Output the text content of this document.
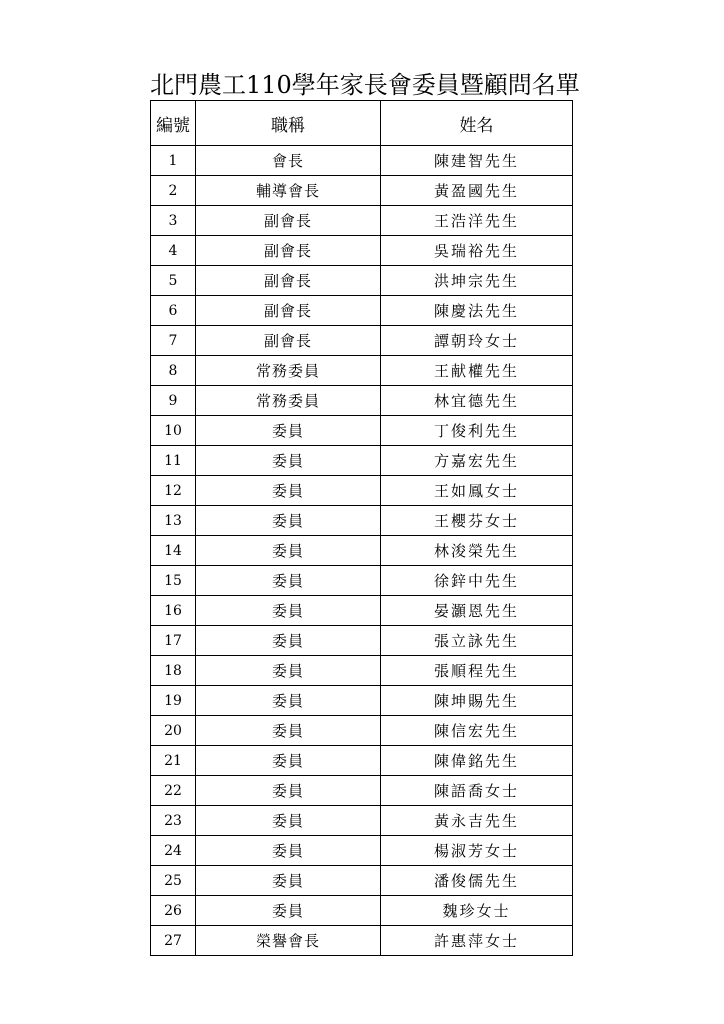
北門農工110學年家長會委員暨顧問名單
編號	職稱	姓名
1	會長	陳建智先生
2	輔導會長	黃盈國先生
3	副會長	王浩洋先生
4	副會長	吳瑞裕先生
5	副會長	洪坤宗先生
6	副會長	陳慶法先生
7	副會長	譚朝玲女士
8	常務委員	王献權先生
9	常務委員	林宜德先生
10	委員	丁俊利先生
11	委員	方嘉宏先生
12	委員	王如鳳女士
13	委員	王櫻芬女士
14	委員	林浚榮先生
15	委員	徐鋅中先生
16	委員	晏灝恩先生
17	委員	張立詠先生
18	委員	張順程先生
19	委員	陳坤賜先生
20	委員	陳信宏先生
21	委員	陳偉銘先生
22	委員	陳語喬女士
23	委員	黃永吉先生
24	委員	楊淑芳女士
25	委員	潘俊儒先生
26	委員	魏珍女士
27	榮譽會長	許惠萍女士
